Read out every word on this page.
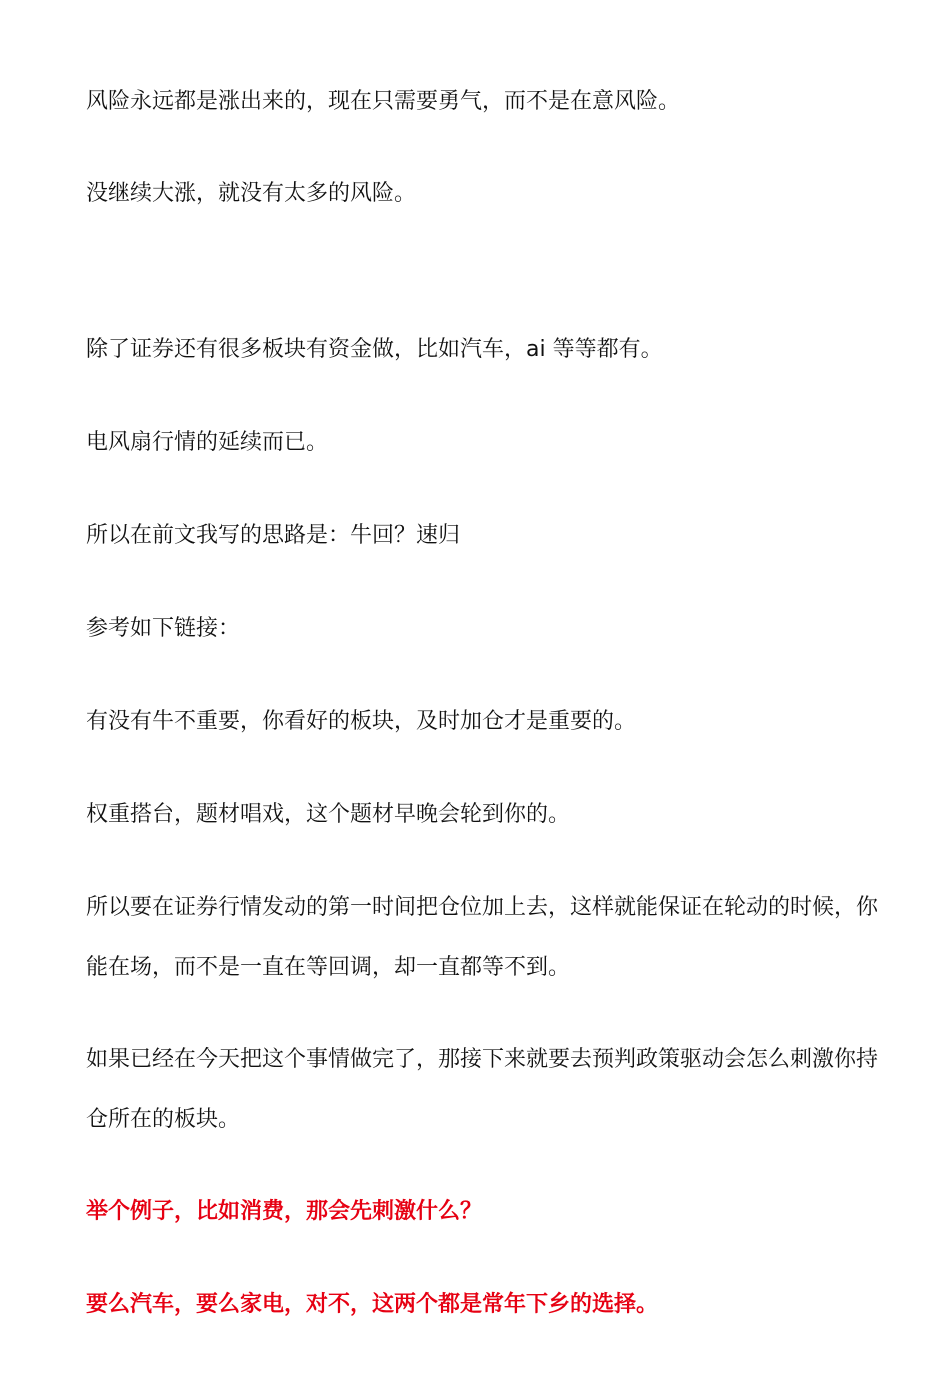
风险永远都是涨出来的，现在只需要勇气，而不是在意风险。

没继续大涨，就没有太多的风险。

除了证券还有很多板块有资金做，比如汽车，ai 等等都有。

电风扇行情的延续而已。

所以在前文我写的思路是：牛回？速归

参考如下链接：

有没有牛不重要，你看好的板块，及时加仓才是重要的。

权重搭台，题材唱戏，这个题材早晚会轮到你的。

所以要在证券行情发动的第一时间把仓位加上去，这样就能保证在轮动的时候，你能在场，而不是一直在等回调，却一直都等不到。

如果已经在今天把这个事情做完了，那接下来就要去预判政策驱动会怎么刺激你持仓所在的板块。

举个例子，比如消费，那会先刺激什么？

要么汽车，要么家电，对不，这两个都是常年下乡的选择。
